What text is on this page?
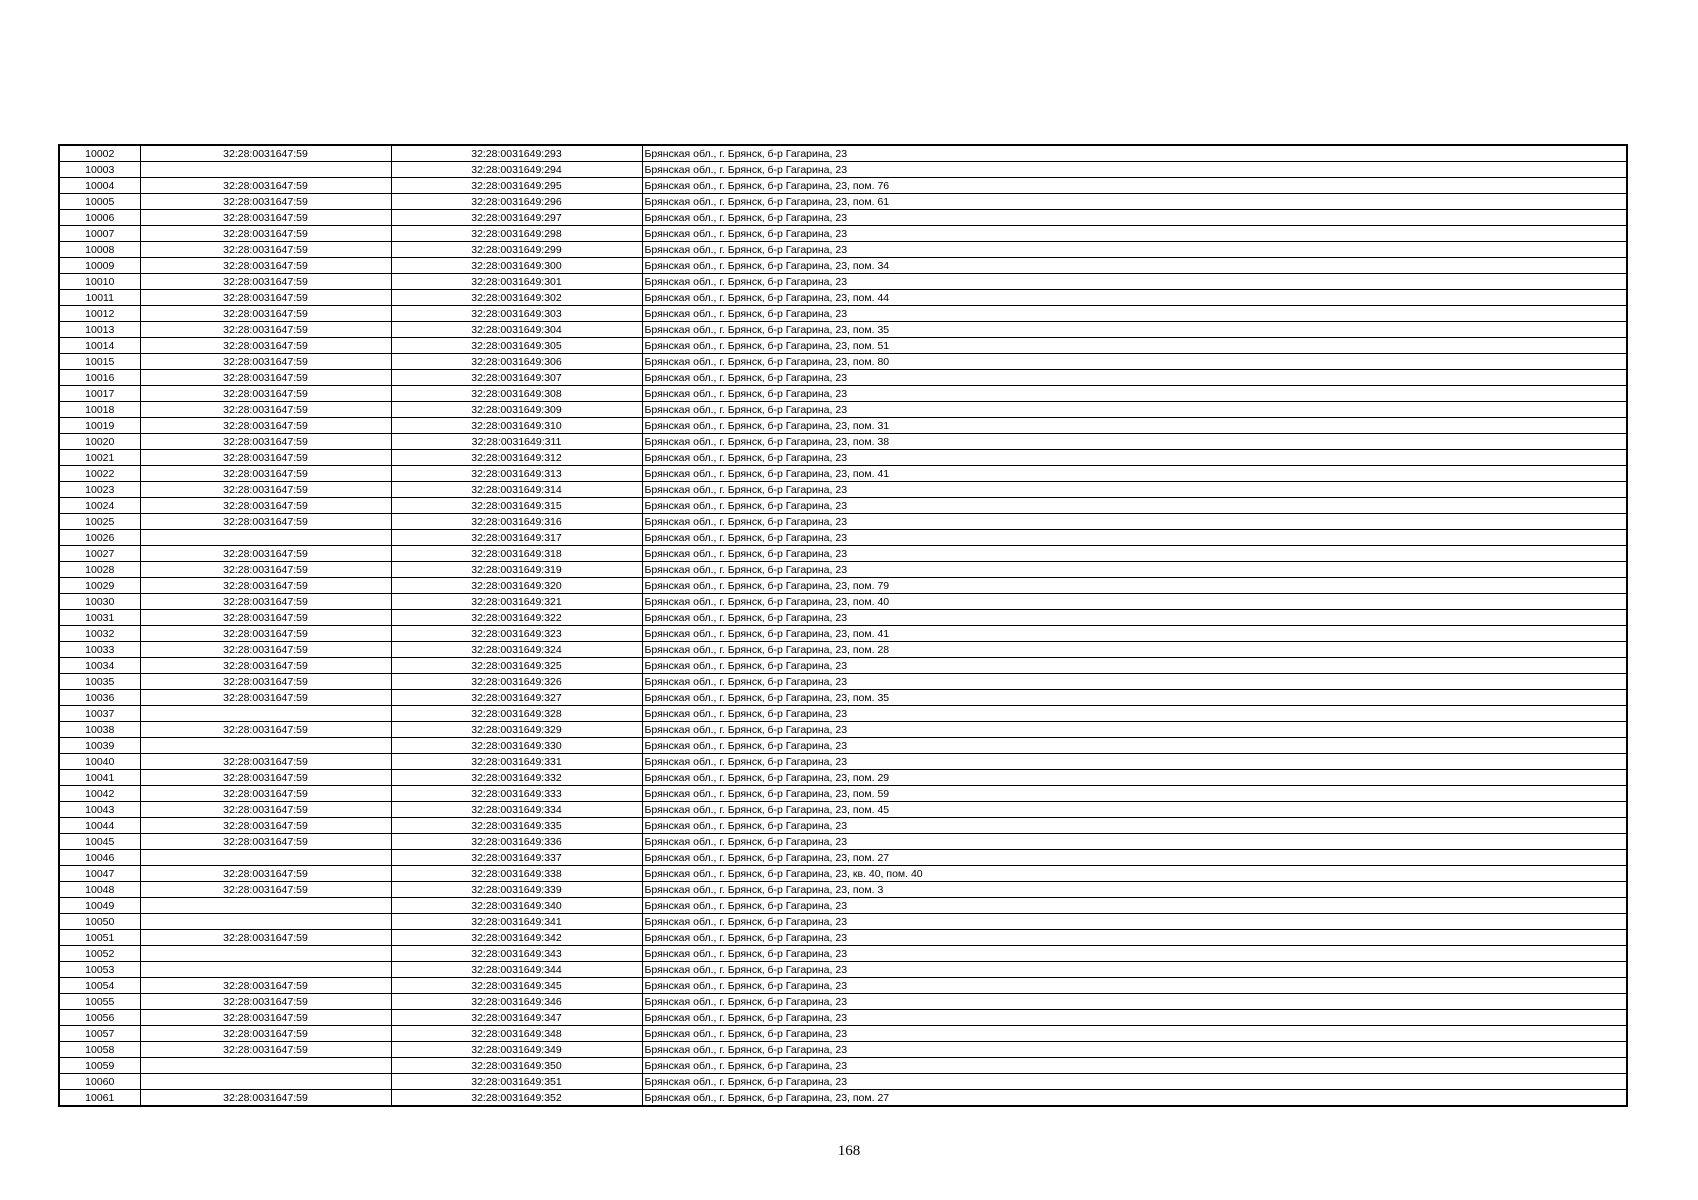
10002	32:28:0031647:59	32:28:0031649:293	Брянская обл., г. Брянск, б-р Гагарина, 23
10003		32:28:0031649:294	Брянская обл., г. Брянск, б-р Гагарина, 23
10004	32:28:0031647:59	32:28:0031649:295	Брянская обл., г. Брянск, б-р Гагарина, 23, пом. 76
10005	32:28:0031647:59	32:28:0031649:296	Брянская обл., г. Брянск, б-р Гагарина, 23, пом. 61
10006	32:28:0031647:59	32:28:0031649:297	Брянская обл., г. Брянск, б-р Гагарина, 23
10007	32:28:0031647:59	32:28:0031649:298	Брянская обл., г. Брянск, б-р Гагарина, 23
10008	32:28:0031647:59	32:28:0031649:299	Брянская обл., г. Брянск, б-р Гагарина, 23
10009	32:28:0031647:59	32:28:0031649:300	Брянская обл., г. Брянск, б-р Гагарина, 23, пом. 34
10010	32:28:0031647:59	32:28:0031649:301	Брянская обл., г. Брянск, б-р Гагарина, 23
10011	32:28:0031647:59	32:28:0031649:302	Брянская обл., г. Брянск, б-р Гагарина, 23, пом. 44
10012	32:28:0031647:59	32:28:0031649:303	Брянская обл., г. Брянск, б-р Гагарина, 23
10013	32:28:0031647:59	32:28:0031649:304	Брянская обл., г. Брянск, б-р Гагарина, 23, пом. 35
10014	32:28:0031647:59	32:28:0031649:305	Брянская обл., г. Брянск, б-р Гагарина, 23, пом. 51
10015	32:28:0031647:59	32:28:0031649:306	Брянская обл., г. Брянск, б-р Гагарина, 23, пом. 80
10016	32:28:0031647:59	32:28:0031649:307	Брянская обл., г. Брянск, б-р Гагарина, 23
10017	32:28:0031647:59	32:28:0031649:308	Брянская обл., г. Брянск, б-р Гагарина, 23
10018	32:28:0031647:59	32:28:0031649:309	Брянская обл., г. Брянск, б-р Гагарина, 23
10019	32:28:0031647:59	32:28:0031649:310	Брянская обл., г. Брянск, б-р Гагарина, 23, пом. 31
10020	32:28:0031647:59	32:28:0031649:311	Брянская обл., г. Брянск, б-р Гагарина, 23, пом. 38
10021	32:28:0031647:59	32:28:0031649:312	Брянская обл., г. Брянск, б-р Гагарина, 23
10022	32:28:0031647:59	32:28:0031649:313	Брянская обл., г. Брянск, б-р Гагарина, 23, пом. 41
10023	32:28:0031647:59	32:28:0031649:314	Брянская обл., г. Брянск, б-р Гагарина, 23
10024	32:28:0031647:59	32:28:0031649:315	Брянская обл., г. Брянск, б-р Гагарина, 23
10025	32:28:0031647:59	32:28:0031649:316	Брянская обл., г. Брянск, б-р Гагарина, 23
10026		32:28:0031649:317	Брянская обл., г. Брянск, б-р Гагарина, 23
10027	32:28:0031647:59	32:28:0031649:318	Брянская обл., г. Брянск, б-р Гагарина, 23
10028	32:28:0031647:59	32:28:0031649:319	Брянская обл., г. Брянск, б-р Гагарина, 23
10029	32:28:0031647:59	32:28:0031649:320	Брянская обл., г. Брянск, б-р Гагарина, 23, пом. 79
10030	32:28:0031647:59	32:28:0031649:321	Брянская обл., г. Брянск, б-р Гагарина, 23, пом. 40
10031	32:28:0031647:59	32:28:0031649:322	Брянская обл., г. Брянск, б-р Гагарина, 23
10032	32:28:0031647:59	32:28:0031649:323	Брянская обл., г. Брянск, б-р Гагарина, 23, пом. 41
10033	32:28:0031647:59	32:28:0031649:324	Брянская обл., г. Брянск, б-р Гагарина, 23, пом. 28
10034	32:28:0031647:59	32:28:0031649:325	Брянская обл., г. Брянск, б-р Гагарина, 23
10035	32:28:0031647:59	32:28:0031649:326	Брянская обл., г. Брянск, б-р Гагарина, 23
10036	32:28:0031647:59	32:28:0031649:327	Брянская обл., г. Брянск, б-р Гагарина, 23, пом. 35
10037		32:28:0031649:328	Брянская обл., г. Брянск, б-р Гагарина, 23
10038	32:28:0031647:59	32:28:0031649:329	Брянская обл., г. Брянск, б-р Гагарина, 23
10039		32:28:0031649:330	Брянская обл., г. Брянск, б-р Гагарина, 23
10040	32:28:0031647:59	32:28:0031649:331	Брянская обл., г. Брянск, б-р Гагарина, 23
10041	32:28:0031647:59	32:28:0031649:332	Брянская обл., г. Брянск, б-р Гагарина, 23, пом. 29
10042	32:28:0031647:59	32:28:0031649:333	Брянская обл., г. Брянск, б-р Гагарина, 23, пом. 59
10043	32:28:0031647:59	32:28:0031649:334	Брянская обл., г. Брянск, б-р Гагарина, 23, пом. 45
10044	32:28:0031647:59	32:28:0031649:335	Брянская обл., г. Брянск, б-р Гагарина, 23
10045	32:28:0031647:59	32:28:0031649:336	Брянская обл., г. Брянск, б-р Гагарина, 23
10046		32:28:0031649:337	Брянская обл., г. Брянск, б-р Гагарина, 23, пом. 27
10047	32:28:0031647:59	32:28:0031649:338	Брянская обл., г. Брянск, б-р Гагарина, 23, кв. 40, пом. 40
10048	32:28:0031647:59	32:28:0031649:339	Брянская обл., г. Брянск, б-р Гагарина, 23, пом. 3
10049		32:28:0031649:340	Брянская обл., г. Брянск, б-р Гагарина, 23
10050		32:28:0031649:341	Брянская обл., г. Брянск, б-р Гагарина, 23
10051	32:28:0031647:59	32:28:0031649:342	Брянская обл., г. Брянск, б-р Гагарина, 23
10052		32:28:0031649:343	Брянская обл., г. Брянск, б-р Гагарина, 23
10053		32:28:0031649:344	Брянская обл., г. Брянск, б-р Гагарина, 23
10054	32:28:0031647:59	32:28:0031649:345	Брянская обл., г. Брянск, б-р Гагарина, 23
10055	32:28:0031647:59	32:28:0031649:346	Брянская обл., г. Брянск, б-р Гагарина, 23
10056	32:28:0031647:59	32:28:0031649:347	Брянская обл., г. Брянск, б-р Гагарина, 23
10057	32:28:0031647:59	32:28:0031649:348	Брянская обл., г. Брянск, б-р Гагарина, 23
10058	32:28:0031647:59	32:28:0031649:349	Брянская обл., г. Брянск, б-р Гагарина, 23
10059		32:28:0031649:350	Брянская обл., г. Брянск, б-р Гагарина, 23
10060		32:28:0031649:351	Брянская обл., г. Брянск, б-р Гагарина, 23
10061	32:28:0031647:59	32:28:0031649:352	Брянская обл., г. Брянск, б-р Гагарина, 23, пом. 27
168
